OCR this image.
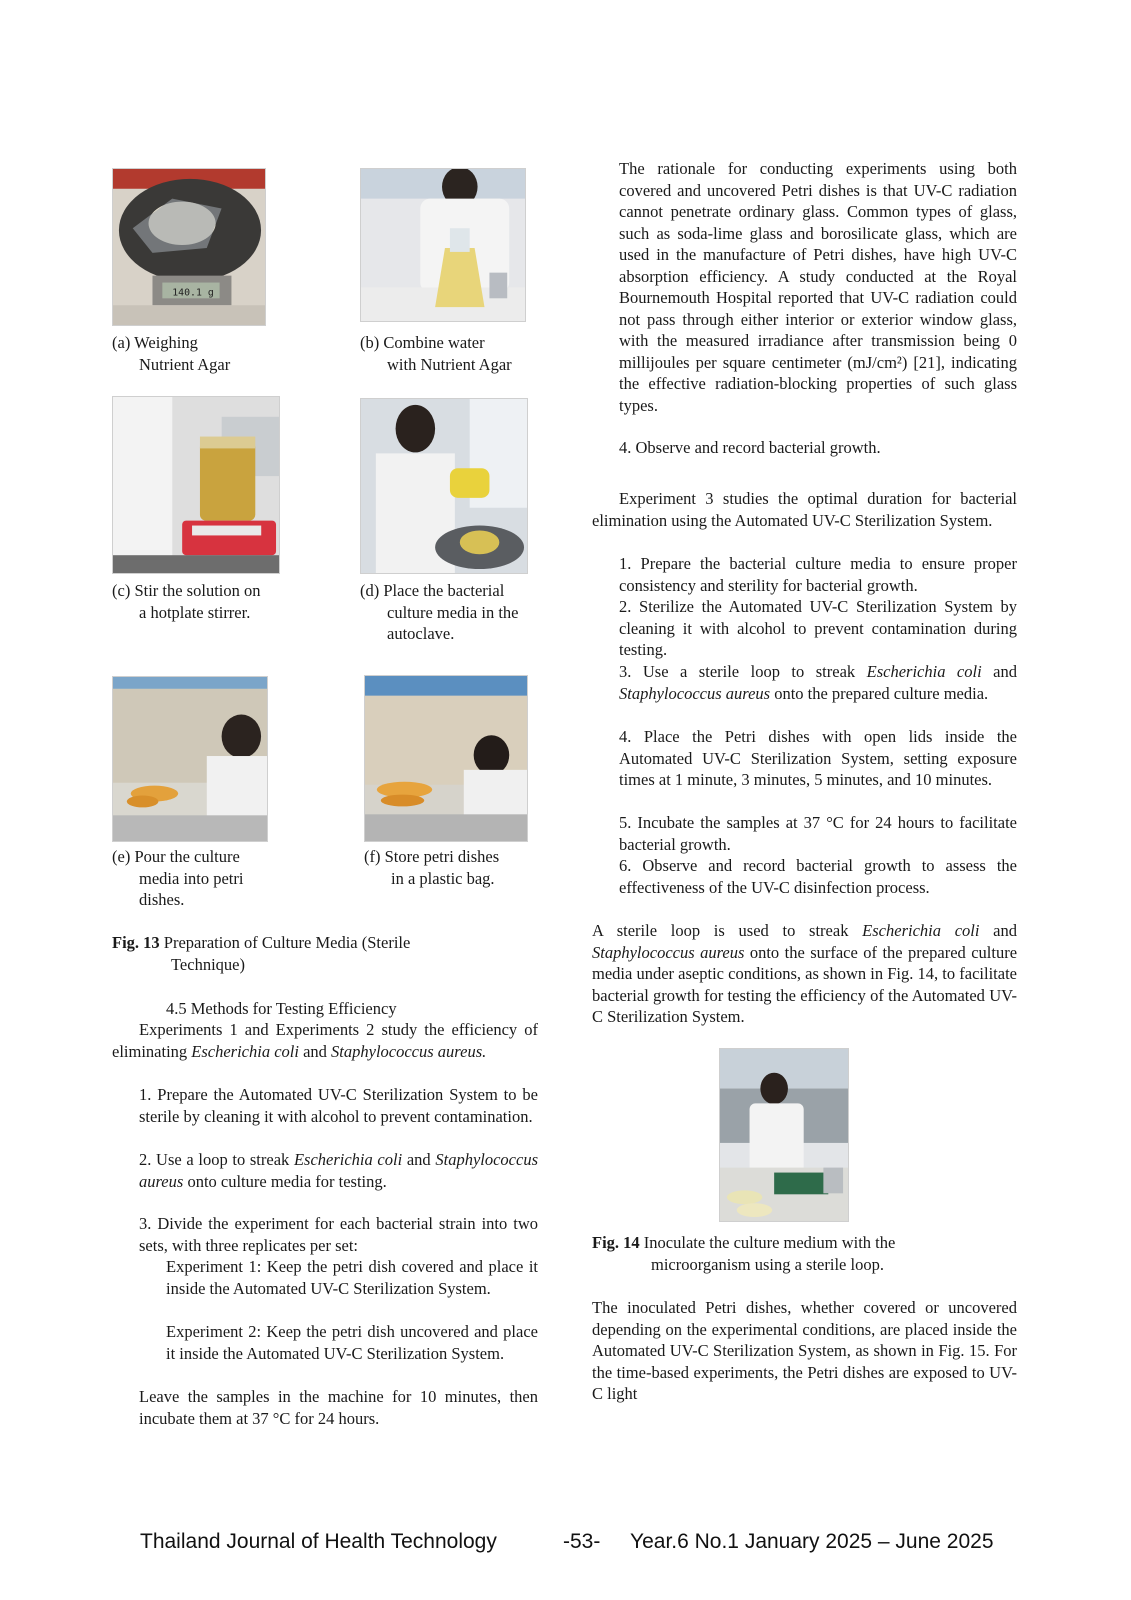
140.1 g
(a) Weighing
Nutrient Agar
(b) Combine water
with Nutrient Agar
(c) Stir the solution on
a hotplate stirrer.
(d) Place the bacterial
culture media in the
autoclave.
(e) Pour the culture
media into petri
dishes.
(f) Store petri dishes
in a plastic bag.
Fig. 13 Preparation of Culture Media (Sterile
Technique)
4.5 Methods for Testing Efficiency
Experiments 1 and Experiments 2 study the efficiency of eliminating Escherichia coli and Staphylococcus aureus.
1. Prepare the Automated UV-C Sterilization System to be sterile by cleaning it with alcohol to prevent contamination.
2. Use a loop to streak Escherichia coli and Staphylococcus aureus onto culture media for testing.
3. Divide the experiment for each bacterial strain into two sets, with three replicates per set:
Experiment 1: Keep the petri dish covered and place it inside the Automated UV-C Sterilization System.
Experiment 2: Keep the petri dish uncovered and place it inside the Automated UV-C Sterilization System.
Leave the samples in the machine for 10 minutes, then incubate them at 37 °C for 24 hours.
The rationale for conducting experiments using both covered and uncovered Petri dishes is that UV-C radiation cannot penetrate ordinary glass. Common types of glass, such as soda-lime glass and borosilicate glass, which are used in the manufacture of Petri dishes, have high UV-C absorption efficiency. A study conducted at the Royal Bournemouth Hospital reported that UV-C radiation could not pass through either interior or exterior window glass, with the measured irradiance after transmission being 0 millijoules per square centimeter (mJ/cm²) [21], indicating the effective radiation-blocking properties of such glass types.
4. Observe and record bacterial growth.
Experiment 3 studies the optimal duration for bacterial elimination using the Automated UV-C Sterilization System.
1. Prepare the bacterial culture media to ensure proper consistency and sterility for bacterial growth.
2. Sterilize the Automated UV-C Sterilization System by cleaning it with alcohol to prevent contamination during testing.
3. Use a sterile loop to streak Escherichia coli and Staphylococcus aureus onto the prepared culture media.
4. Place the Petri dishes with open lids inside the Automated UV-C Sterilization System, setting exposure times at 1 minute, 3 minutes, 5 minutes, and 10 minutes.
5. Incubate the samples at 37 °C for 24 hours to facilitate bacterial growth.
6. Observe and record bacterial growth to assess the effectiveness of the UV-C disinfection process.
A sterile loop is used to streak Escherichia coli and Staphylococcus aureus onto the surface of the prepared culture media under aseptic conditions, as shown in Fig. 14, to facilitate bacterial growth for testing the efficiency of the Automated UV-C Sterilization System.
Fig. 14 Inoculate the culture medium with the
microorganism using a sterile loop.
The inoculated Petri dishes, whether covered or uncovered depending on the experimental conditions, are placed inside the Automated UV-C Sterilization System, as shown in Fig. 15. For the time-based experiments, the Petri dishes are exposed to UV-C light
Thailand Journal of Health Technology	-53- Year.6 No.1 January 2025 – June 2025
